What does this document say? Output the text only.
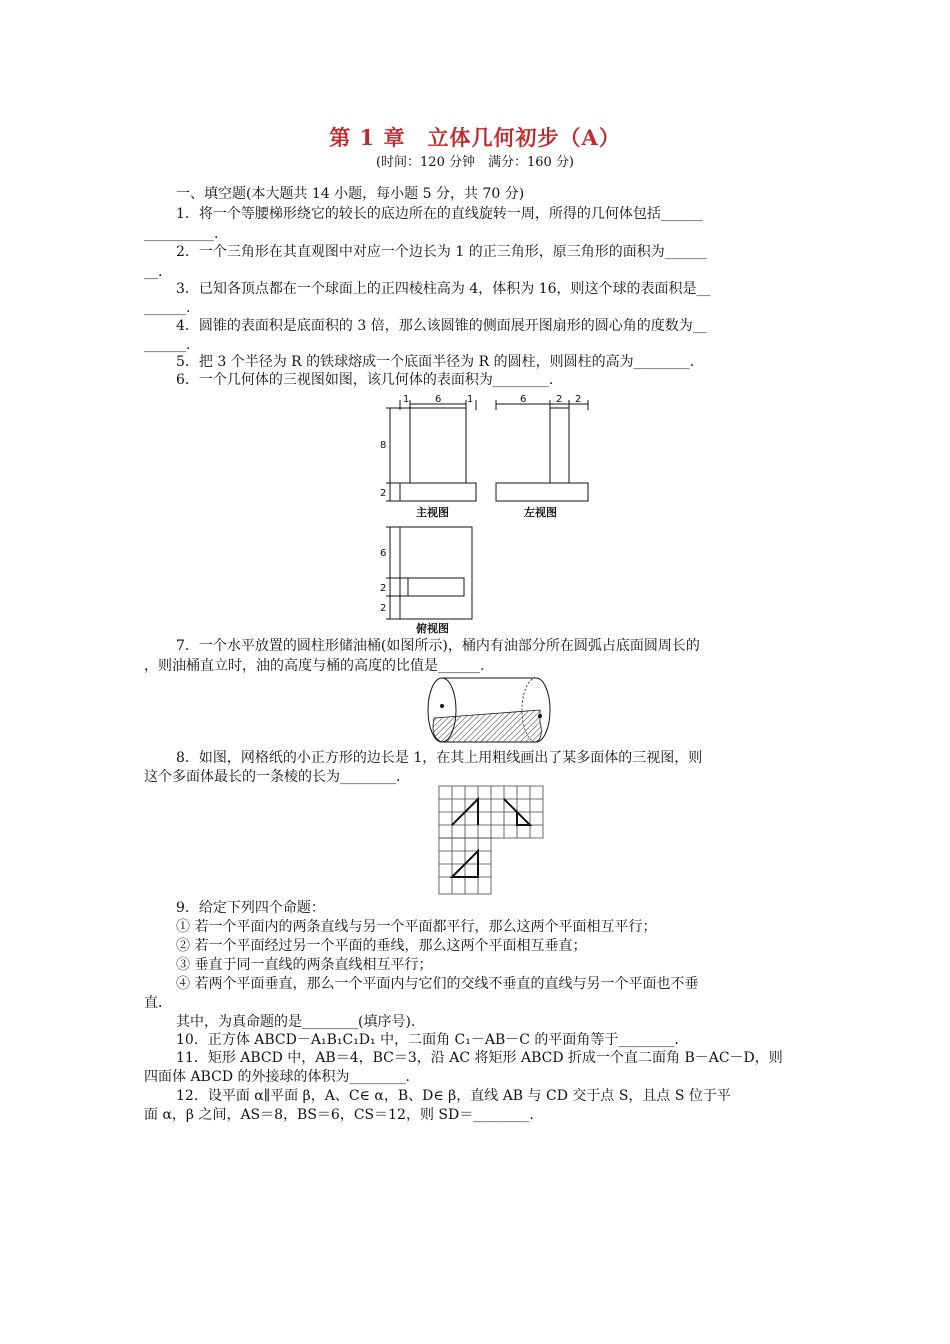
第 1 章　立体几何初步（A）
(时间：120 分钟　满分：160 分)
一、填空题(本大题共 14 小题，每小题 5 分，共 70 分)
1．将一个等腰梯形绕它的较长的底边所在的直线旋转一周，所得的几何体包括______
__________.
2．一个三角形在其直观图中对应一个边长为 1 的正三角形，原三角形的面积为______
__.
3．已知各顶点都在一个球面上的正四棱柱高为 4，体积为 16，则这个球的表面积是__
______.
4．圆锥的表面积是底面积的 3 倍，那么该圆锥的侧面展开图扇形的圆心角的度数为__
______.
5．把 3 个半径为 R 的铁球熔成一个底面半径为 R 的圆柱，则圆柱的高为________.
6．一个几何体的三视图如图，该几何体的表面积为________.
1	6	1	6	2 2
8
2
6
2
2
主视图	左视图
俯视图
7．一个水平放置的圆柱形储油桶(如图所示)，桶内有油部分所在圆弧占底面圆周长的
，则油桶直立时，油的高度与桶的高度的比值是______.
8．如图，网格纸的小正方形的边长是 1，在其上用粗线画出了某多面体的三视图，则
这个多面体最长的一条棱的长为________.
9．给定下列四个命题：
① 若一个平面内的两条直线与另一个平面都平行，那么这两个平面相互平行；
② 若一个平面经过另一个平面的垂线，那么这两个平面相互垂直；
③ 垂直于同一直线的两条直线相互平行；
④ 若两个平面垂直，那么一个平面内与它们的交线不垂直的直线与另一个平面也不垂
直．
其中，为真命题的是________(填序号).
10．正方体 ABCD－A₁B₁C₁D₁ 中，二面角 C₁－AB－C 的平面角等于________.
11．矩形 ABCD 中，AB＝4，BC＝3，沿 AC 将矩形 ABCD 折成一个直二面角 B－AC－D，则
四面体 ABCD 的外接球的体积为________.
12．设平面 α∥平面 β，A、C∈ α，B、D∈ β，直线 AB 与 CD 交于点 S，且点 S 位于平
面 α，β 之间，AS＝8，BS＝6，CS＝12，则 SD＝________.
